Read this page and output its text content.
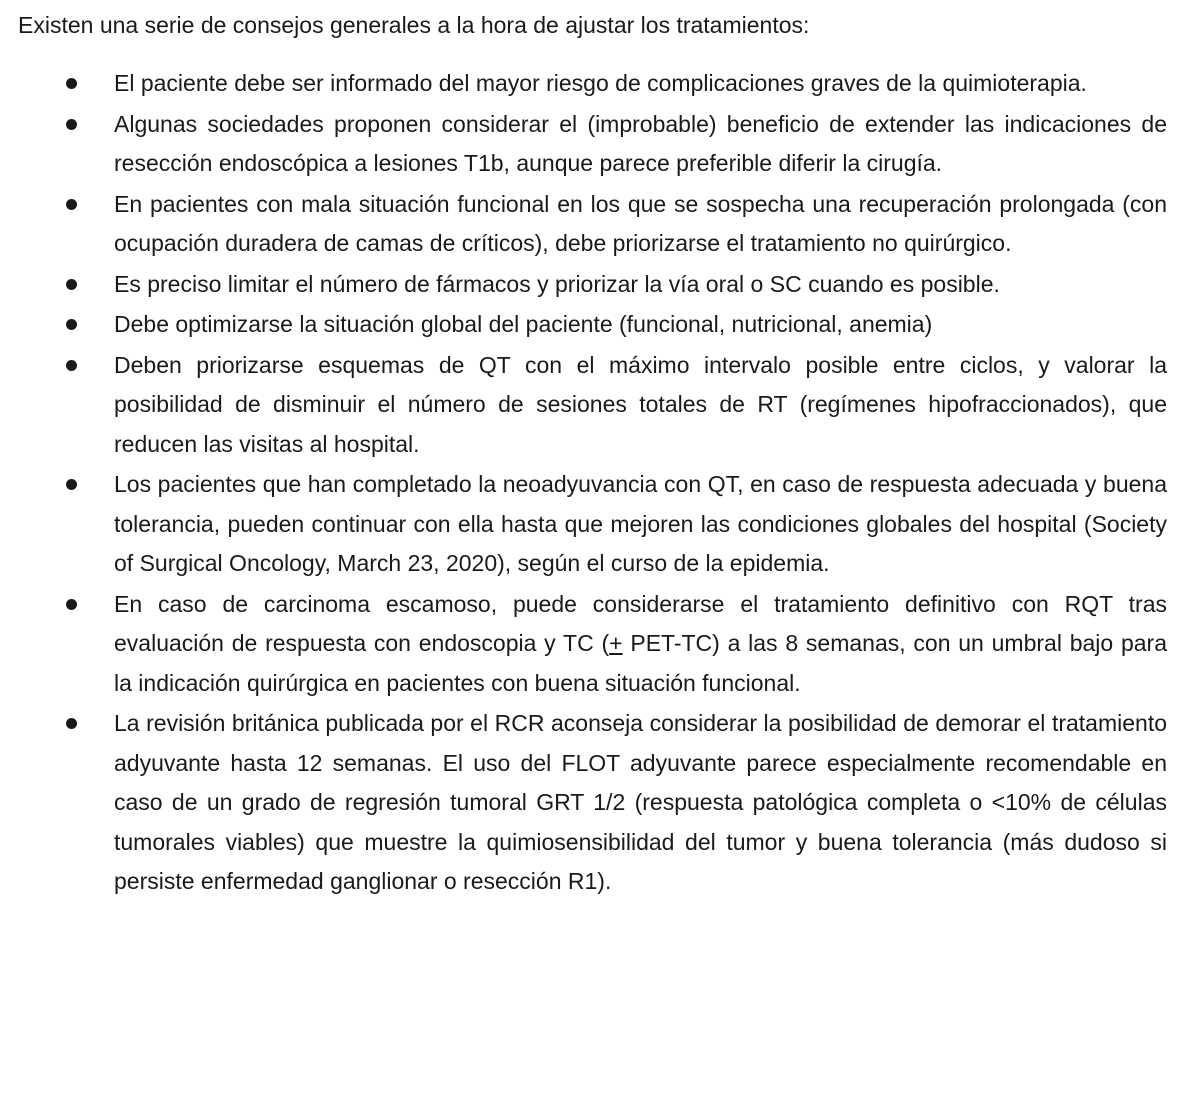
Existen una serie de consejos generales a la hora de ajustar los tratamientos:

El paciente debe ser informado del mayor riesgo de complicaciones graves de la quimioterapia.
Algunas sociedades proponen considerar el (improbable) beneficio de extender las indicaciones de resección endoscópica a lesiones T1b, aunque parece preferible diferir la cirugía.
En pacientes con mala situación funcional en los que se sospecha una recuperación prolongada (con ocupación duradera de camas de críticos), debe priorizarse el tratamiento no quirúrgico.
Es preciso limitar el número de fármacos y priorizar la vía oral o SC cuando es posible.
Debe optimizarse la situación global del paciente (funcional, nutricional, anemia)
Deben priorizarse esquemas de QT con el máximo intervalo posible entre ciclos, y valorar la posibilidad de disminuir el número de sesiones totales de RT (regímenes hipofraccionados), que reducen las visitas al hospital.
Los pacientes que han completado la neoadyuvancia con QT, en caso de respuesta adecuada y buena tolerancia, pueden continuar con ella hasta que mejoren las condiciones globales del hospital (Society of Surgical Oncology, March 23, 2020), según el curso de la epidemia.
En caso de carcinoma escamoso, puede considerarse el tratamiento definitivo con RQT tras evaluación de respuesta con endoscopia y TC (+ PET-TC) a las 8 semanas, con un umbral bajo para la indicación quirúrgica en pacientes con buena situación funcional.
La revisión británica publicada por el RCR aconseja considerar la posibilidad de demorar el tratamiento adyuvante hasta 12 semanas. El uso del FLOT adyuvante parece especialmente recomendable en caso de un grado de regresión tumoral GRT 1/2 (respuesta patológica completa o <10% de células tumorales viables) que muestre la quimiosensibilidad del tumor y buena tolerancia (más dudoso si persiste enfermedad ganglionar o resección R1).
